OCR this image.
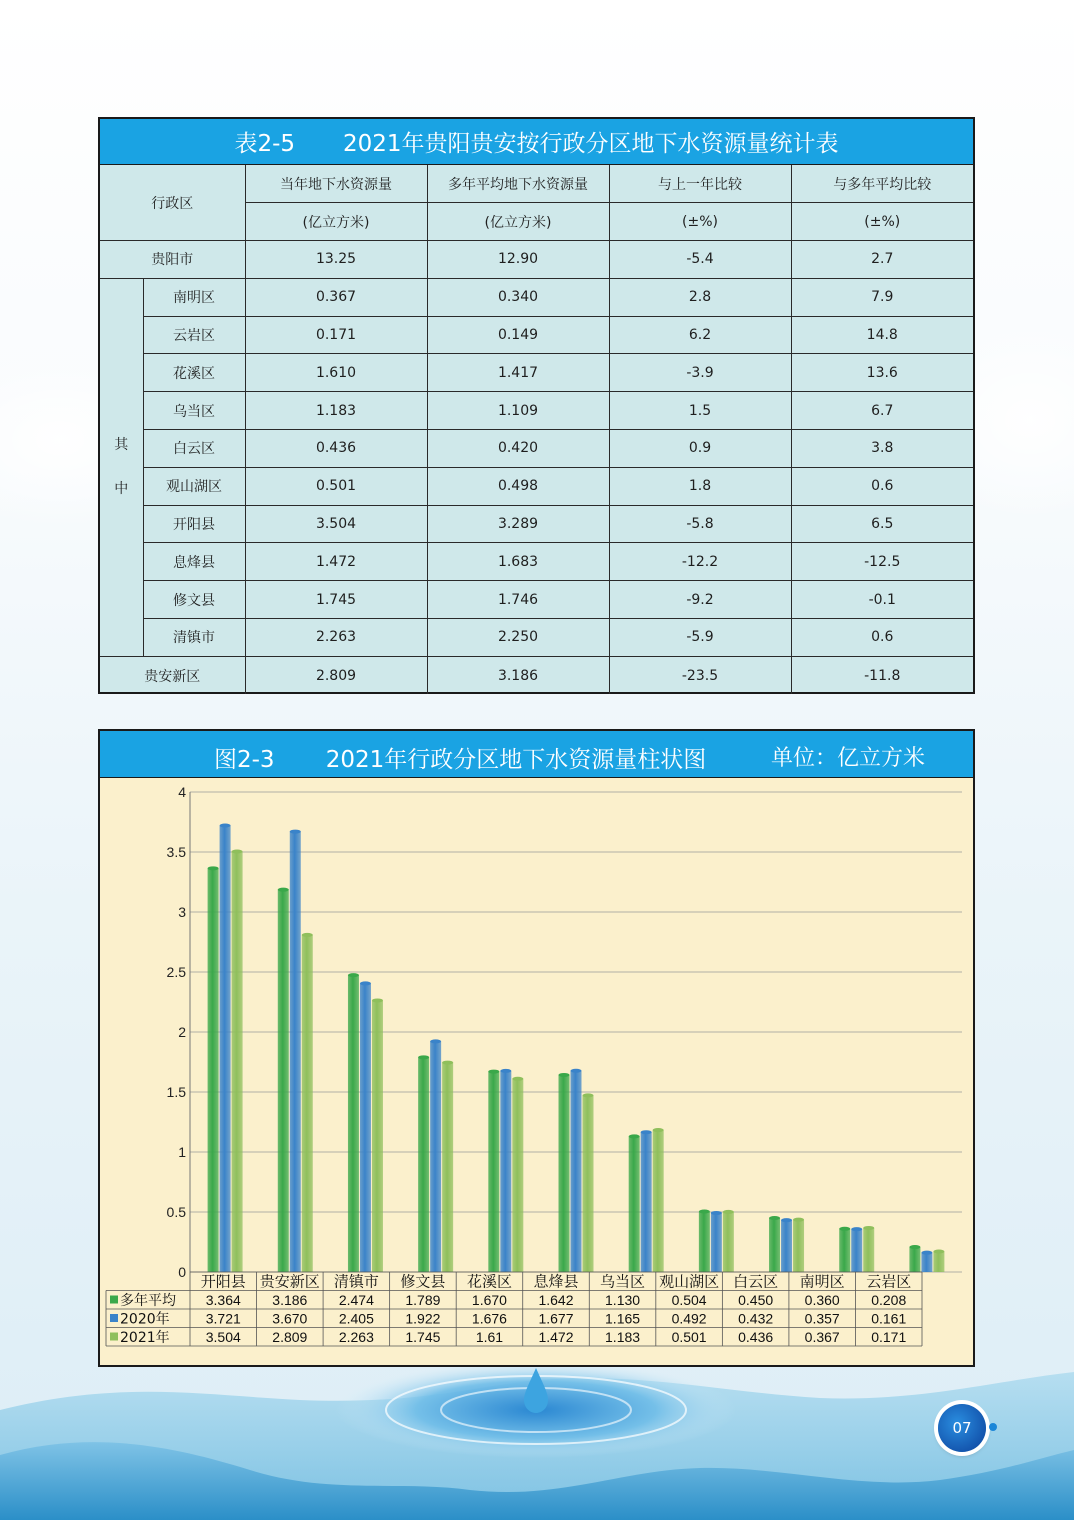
表2-5 2021年贵阳贵安按行政分区地下水资源量统计表
行政区		当年地下水资源量	多年平均地下水资源量	与上一年比较	与多年平均比较
		(亿立方米)	(亿立方米)	(±%)	(±%)
贵阳市		13.25	12.90	-5.4	2.7
其
中	南明区	0.367	0.340	2.8	7.9
	云岩区	0.171	0.149	6.2	14.8
	花溪区	1.610	1.417	-3.9	13.6
	乌当区	1.183	1.109	1.5	6.7
	白云区	0.436	0.420	0.9	3.8
	观山湖区	0.501	0.498	1.8	0.6
	开阳县	3.504	3.289	-5.8	6.5
	息烽县	1.472	1.683	-12.2	-12.5
	修文县	1.745	1.746	-9.2	-0.1
	清镇市	2.263	2.250	-5.9	0.6
贵安新区		2.809	3.186	-23.5	-11.8
图2-3 2021年行政分区地下水资源量柱状图	单位：亿立方米
0
0.5
1
1.5
2
2.5
3
3.5
4
开阳县 贵安新区 清镇市 修文县 花溪区 息烽县 乌当区 观山湖区 白云区 南明区 云岩区
多年平均 3.364 3.186 2.474 1.789 1.670 1.642 1.130 0.504 0.450 0.360 0.208
2020年	3.721 3.670 2.405 1.922 1.676 1.677 1.165 0.492 0.432 0.357 0.161
2021年	3.504 2.809 2.263 1.745	1.61	1.472 1.183 0.501 0.436 0.367 0.171
07
